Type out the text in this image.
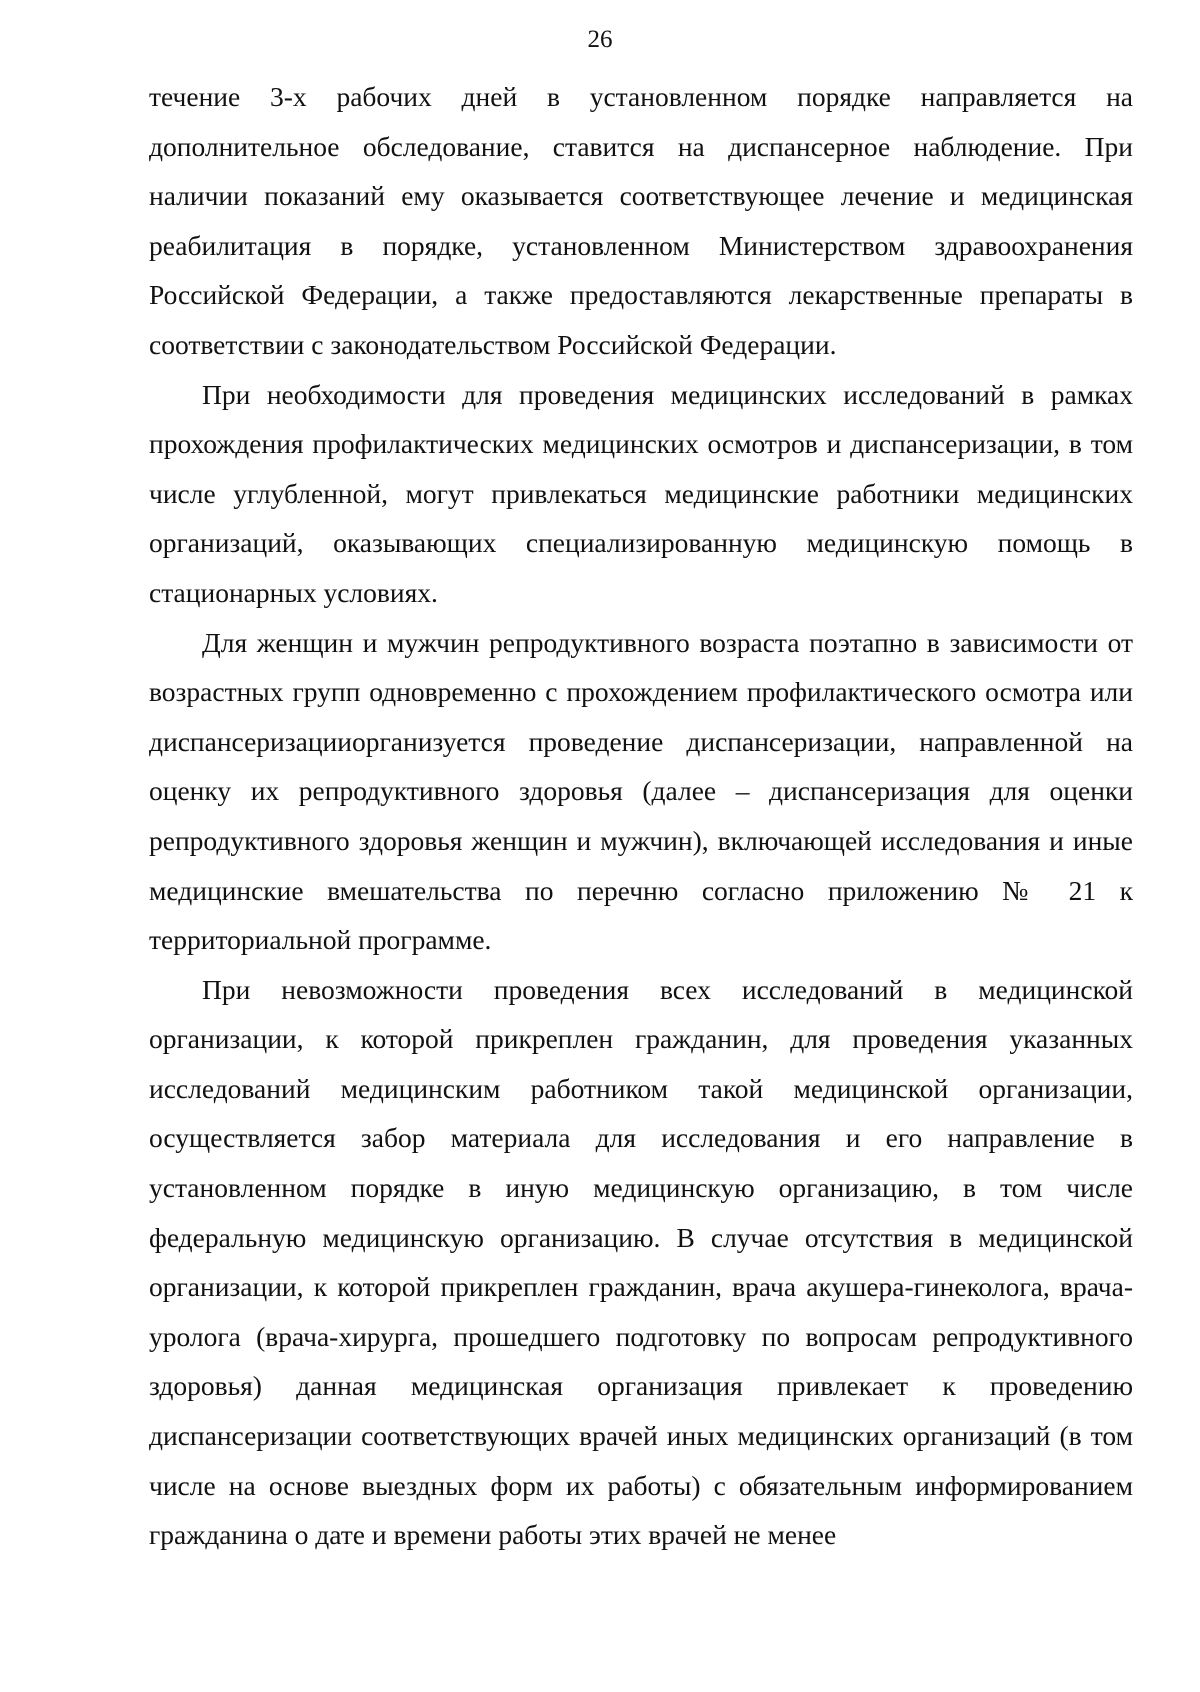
26

течение 3-х рабочих дней в установленном порядке направляется на дополнительное обследование, ставится на диспансерное наблюдение. При наличии показаний ему оказывается соответствующее лечение и медицинская реабилитация в порядке, установленном Министерством здравоохранения Российской Федерации, а также предоставляются лекарственные препараты в соответствии с законодательством Российской Федерации.

При необходимости для проведения медицинских исследований в рамках прохождения профилактических медицинских осмотров и диспансеризации, в том числе углубленной, могут привлекаться медицинские работники медицинских организаций, оказывающих специализированную медицинскую помощь в стационарных условиях.

Для женщин и мужчин репродуктивного возраста поэтапно в зависимости от возрастных групп одновременно с прохождением профилактического осмотра или диспансеризацииорганизуется проведение диспансеризации, направленной на оценку их репродуктивного здоровья (далее – диспансеризация для оценки репродуктивного здоровья женщин и мужчин), включающей исследования и иные медицинские вмешательства по перечню согласно приложению № 21 к территориальной программе.

При невозможности проведения всех исследований в медицинской организации, к которой прикреплен гражданин, для проведения указанных исследований медицинским работником такой медицинской организации, осуществляется забор материала для исследования и его направление в установленном порядке в иную медицинскую организацию, в том числе федеральную медицинскую организацию. В случае отсутствия в медицинской организации, к которой прикреплен гражданин, врача акушера-гинеколога, врача-уролога (врача-хирурга, прошедшего подготовку по вопросам репродуктивного здоровья) данная медицинская организация привлекает к проведению диспансеризации соответствующих врачей иных медицинских организаций (в том числе на основе выездных форм их работы) с обязательным информированием гражданина о дате и времени работы этих врачей не менее
